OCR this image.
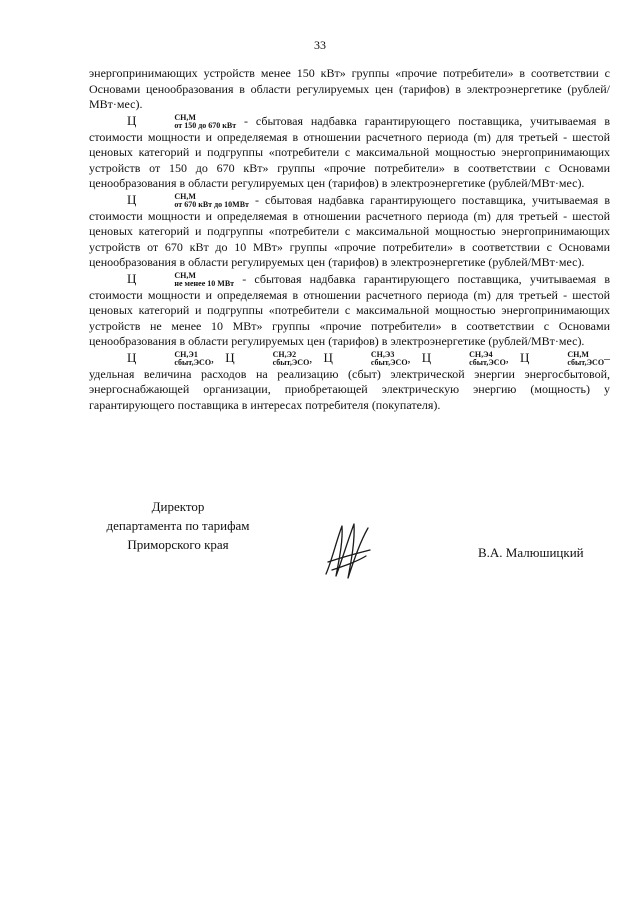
33

энергопринимающих устройств менее 150 кВт» группы «прочие потребители» в соответствии с Основами ценообразования в области регулируемых цен (тарифов) в электроэнергетике (рублей/МВт·мес).

Ц	СН,М
от 150 до 670 кВт - сбытовая надбавка гарантирующего поставщика, учитываемая в стоимости мощности и определяемая в отношении расчетного периода (m) для третьей - шестой ценовых категорий и подгруппы «потребители с максимальной мощностью энергопринимающих устройств от 150 до 670 кВт» группы «прочие потребители» в соответствии с Основами ценообразования в области регулируемых цен (тарифов) в электроэнергетике (рублей/МВт·мес).

Ц	СН,М
от 670 кВт до 10МВт - сбытовая надбавка гарантирующего поставщика, учитываемая в стоимости мощности и определяемая в отношении расчетного периода (m) для третьей - шестой ценовых категорий и подгруппы «потребители с максимальной мощностью энергопринимающих устройств от 670 кВт до 10 МВт» группы «прочие потребители» в соответствии с Основами ценообразования в области регулируемых цен (тарифов) в электроэнергетике (рублей/МВт·мес).

Ц	СН,М
не менее 10 МВт - сбытовая надбавка гарантирующего поставщика, учитываемая в стоимости мощности и определяемая в отношении расчетного периода (m) для третьей - шестой ценовых категорий и подгруппы «потребители с максимальной мощностью энергопринимающих устройств не менее 10 МВт» группы «прочие потребители» в соответствии с Основами ценообразования в области регулируемых цен (тарифов) в электроэнергетике (рублей/МВт·мес).

Ц	СН,Э1
сбыт,ЭСО , Ц	СН,Э2
сбыт,ЭСО , Ц	СН,Э3
сбыт,ЭСО , Ц	СН,Э4
сбыт,ЭСО , Ц	СН,М
сбыт,ЭСО –удельная величина расходов на реализацию (сбыт) электрической энергии энергосбытовой, энергоснабжающей организации, приобретающей электрическую энергию (мощность) у гарантирующего поставщика в интересах потребителя (покупателя).

Директор
департамента по тарифам
Приморского края
В.А. Малюшицкий
